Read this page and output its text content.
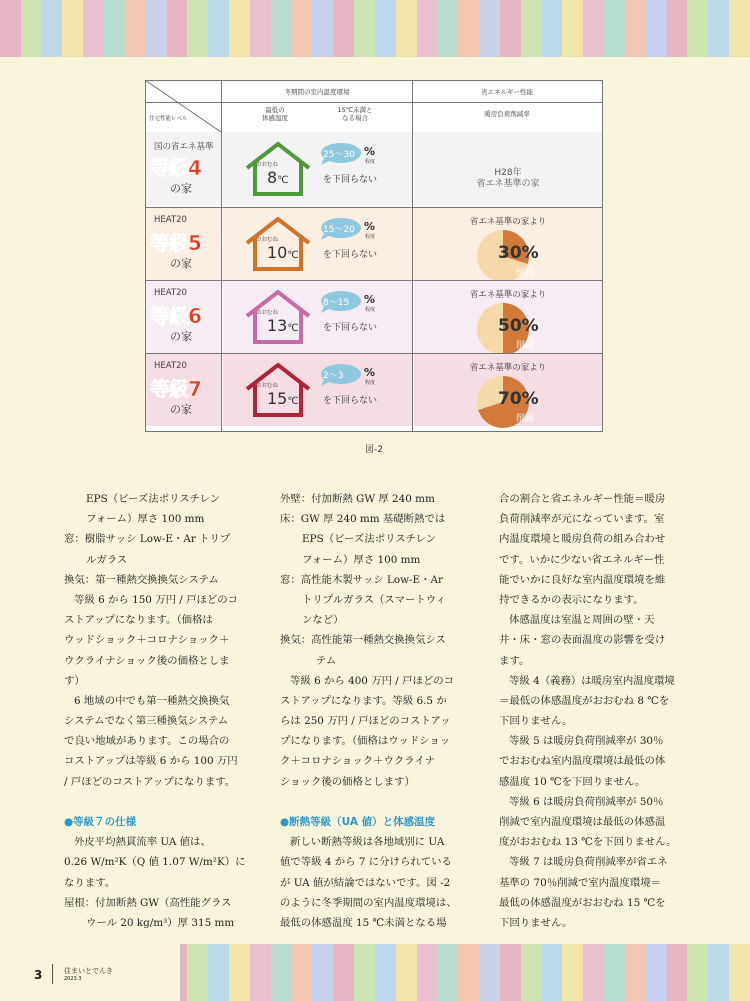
3	住まいとでんき
2023.3
住宅性能レベル
冬期間の室内温度環境
最低の
体感温度
15℃未満と
なる場合
省エネルギー性能
暖房負荷削減率
国の省エネ基準
等級4
の家
おおむね
8℃
25～30 %
程度
を下回らない
H28年
省エネ基準の家
HEAT20
等級5
の家
おおむね
10℃
15～20 %
程度
を下回らない
省エネ基準の家より
30%
削減
HEAT20
等級6
の家
おおむね
13℃
8～15 %
程度
を下回らない
省エネ基準の家より
50%
削減
HEAT20
等級7
の家
おおむね
15℃
2～3 %
程度
を下回らない
省エネ基準の家より
70%
削減
図-2
EPS（ビーズ法ポリスチレン
フォーム）厚さ 100 mm
窓：樹脂サッシ Low-E・Ar トリプ
ルガラス
換気：第一種熱交換換気システム
等級 6 から 150 万円 / 戸ほどのコ
ストアップになります。（価格は
ウッドショック＋コロナショック＋
ウクライナショック後の価格としま
す）
6 地域の中でも第一種熱交換換気
システムでなく第三種換気システム
で良い地域があります。この場合の
コストアップは等級 6 から 100 万円
/ 戸ほどのコストアップになります。
●等級７の仕様
外皮平均熱貫流率 UA 値は、
0.26 W/m²K（Q 値 1.07 W/m²K）に
なります。
屋根：付加断熱 GW（高性能グラス
ウール 20 kg/m³）厚 315 mm
外壁：付加断熱 GW 厚 240 mm
床：GW 厚 240 mm 基礎断熱では
EPS（ビーズ法ポリスチレン
フォーム）厚さ 100 mm
窓：高性能木製サッシ Low-E・Ar
トリプルガラス（スマートウィ
ンなど）
換気：高性能第一種熱交換換気シス
テム
等級 6 から 400 万円 / 戸ほどのコ
ストアップになります。等級 6.5 か
らは 250 万円 / 戸ほどのコストアッ
プになります。（価格はウッドショッ
ク＋コロナショック＋ウクライナ
ショック後の価格とします）
●断熱等級（UA 値）と体感温度
新しい断熱等級は各地域別に UA
値で等級 4 から 7 に分けられている
が UA 値が結論ではないです。図 -2
のように冬季期間の室内温度環境は、
最低の体感温度 15 ℃未満となる場
合の割合と省エネルギー性能＝暖房
負荷削減率が元になっています。室
内温度環境と暖房負荷の組み合わせ
です。いかに少ない省エネルギー性
能でいかに良好な室内温度環境を維
持できるかの表示になります。
体感温度は室温と周囲の壁・天
井・床・窓の表面温度の影響を受け
ます。
等級 4（義務）は暖房室内温度環境
＝最低の体感温度がおおむね 8 ℃を
下回りません。
等級 5 は暖房負荷削減率が 30％
でおおむね室内温度環境は最低の体
感温度 10 ℃を下回りません。
等級 6 は暖房負荷削減率が 50％
削減で室内温度環境は最低の体感温
度がおおむね 13 ℃を下回りません。
等級 7 は暖房負荷削減率が省エネ
基準の 70％削減で室内温度環境＝
最低の体感温度がおおむね 15 ℃を
下回りません。
